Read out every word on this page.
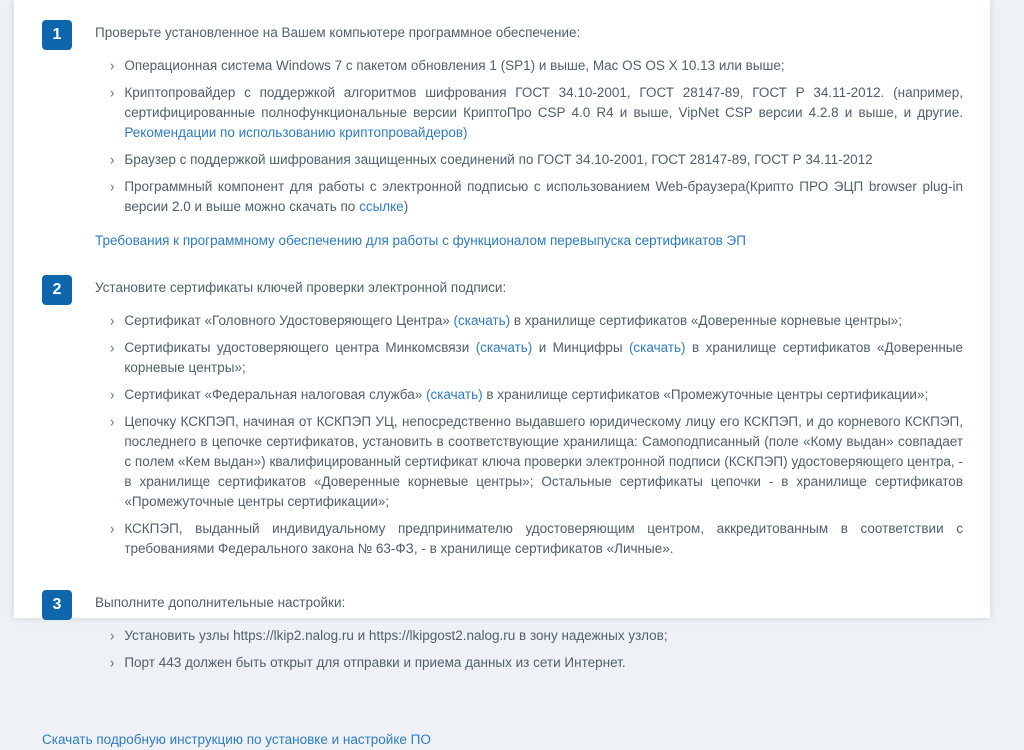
1	Проверьте установленное на Вашем компьютере программное обеспечение:
› Операционная система Windows 7 с пакетом обновления 1 (SP1) и выше, Mac OS OS X 10.13 или выше;
› Криптопровайдер с поддержкой алгоритмов шифрования ГОСТ 34.10-2001, ГОСТ 28147-89, ГОСТ Р 34.11-2012. (например, сертифицированные полнофункциональные версии КриптоПро CSP 4.0 R4 и выше, VipNet CSP версии 4.2.8 и выше, и другие. Рекомендации по использованию криптопровайдеров)
› Браузер с поддержкой шифрования защищенных соединений по ГОСТ 34.10-2001, ГОСТ 28147-89, ГОСТ Р 34.11-2012
› Программный компонент для работы с электронной подписью с использованием Web-браузера(Крипто ПРО ЭЦП browser plug-in версии 2.0 и выше можно скачать по ссылке)
Требования к программному обеспечению для работы с функционалом перевыпуска сертификатов ЭП
2	Установите сертификаты ключей проверки электронной подписи:
› Сертификат «Головного Удостоверяющего Центра» (скачать) в хранилище сертификатов «Доверенные корневые центры»;
› Сертификаты удостоверяющего центра Минкомсвязи (скачать) и Минцифры (скачать) в хранилище сертификатов «Доверенные корневые центры»;
› Сертификат «Федеральная налоговая служба» (скачать) в хранилище сертификатов «Промежуточные центры сертификации»;
› Цепочку КСКПЭП, начиная от КСКПЭП УЦ, непосредственно выдавшего юридическому лицу его КСКПЭП, и до корневого КСКПЭП, последнего в цепочке сертификатов, установить в соответствующие хранилища: Самоподписанный (поле «Кому выдан» совпадает с полем «Кем выдан») квалифицированный сертификат ключа проверки электронной подписи (КСКПЭП) удостоверяющего центра, - в хранилище сертификатов «Доверенные корневые центры»; Остальные сертификаты цепочки - в хранилище сертификатов «Промежуточные центры сертификации»;
› КСКПЭП, выданный индивидуальному предпринимателю удостоверяющим центром, аккредитованным в соответствии с требованиями Федерального закона № 63-ФЗ, - в хранилище сертификатов «Личные».
3	Выполните дополнительные настройки:
› Установить узлы https://lkip2.nalog.ru и https://lkipgost2.nalog.ru в зону надежных узлов;
› Порт 443 должен быть открыт для отправки и приема данных из сети Интернет.
Скачать подробную инструкцию по установке и настройке ПО
